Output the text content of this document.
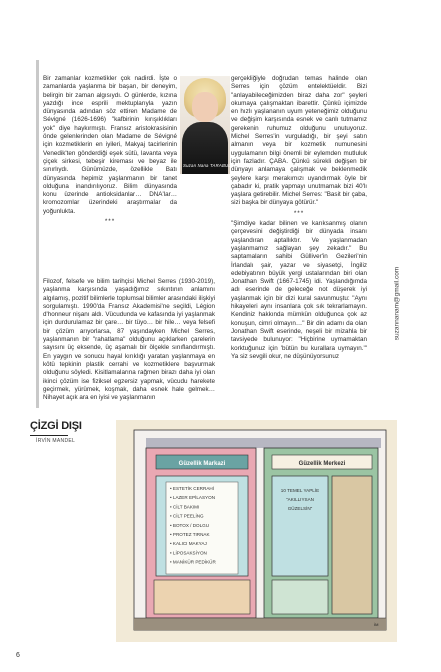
Bir zamanlar kozmetikler çok nadirdi. İşte o zamanlarda yaşlanma bir başarı, bir deneyim, belirgin bir zaman algısıydı. O günlerde, kızına yazdığı ince esprili mektuplarıyla yazın dünyasında adından söz ettiren Madame de Sévigné (1626-1696) "kafbirinin kırışıklıkları yok" diye haykırmıştı. Fransız aristokrasisinin önde gelenlerinden olan Madame de Sévigné için kozmetiklerin en iyileri, Makyaj tacirlerinin Venedik'ten gönderdiği eşek sütü, lavanta veya çiçek sirkesi, tebeşir kireması ve beyaz ile sınırlıydı. Günümüzde, özellikle Batı dünyasında hepimiz yaşlanmanın bir tanet olduğuna inandırılıyoruz. Bilim dünyasında konu üzerinde antioksidanlar… DNA'lar… kromozomlar üzerindeki araştırmalar da yoğunlukta.

***

Filozof, felsefe ve bilim tarihçisi Michel Serres (1930-2019), yaşlanma karşısında yaşadığımız sıkıntının anlamını algılamış, pozitif bilimlerle toplumsal bilimler arasındaki ilişkiyi sorgulamıştı. 1990'da Fransız Akademisi'ne seçildi, Légion d'honneur nişanı aldı. Vücudunda ve kafasında iyi yaşlanmak için durdurulamaz bir çare… bir tüyo… bir hile… veya felsefi bir çözüm arıyorlarsa, 87 yaşındayken Michel Serres, yaşlanmanın bir "rahatlama" olduğunu açıklarken çarelerin sayısını üç eksende, üç aşamalı bir ölçekle sınıflandırmıştı. En yaygın ve sonucu hayal kırıklığı yaratan yaşlanmaya en kötü tepkinin plastik cerrahi ve kozmetiklere başvurmak olduğunu söyledi. Kisitlamalarına rağmen birazı daha iyi olan ikinci çözüm ise fiziksel egzersiz yapmak, vücudu harekete geçirmek, yürümek, koşmak, daha esnek hale gelmek… Nihayet açık ara en iyisi ve yaşlanmanın

Suzan Nana TARABULUS

gerçekliğiyle doğrudan temas halinde olan Serres için çözüm entelektüeldir. Bizi "anlayabileceğimizden biraz daha zor" şeyleri okumaya çalışmaktan ibarettir. Çünkü içimizde en hızlı yaşlananın uyum yeteneğimiz olduğunu ve değişim karşısında esnek ve canlı tutmamız gerekenin ruhumuz olduğunu unutuyoruz. Michel Serres'in vurguladığı, bir şeyi satın almanın veya bir kozmetik numunesini uygulamanın bilgi önemli bir eylemden mutluluk için fazladır. ÇABA. Çünkü sürekli değişen bir dünyayı anlamaya çalışmak ve beklenmedik şeylere karşı merakımızı uyandırmak öyle bir çabadır ki, pratik yapmayı unutmamak bizi 40'lı yaşlara getirebilir. Michel Serres: "Basit bir çaba, sizi başka bir dünyaya götürür."

***

"Şimdiye kadar bilinen ve karıksanmış olanın çerçevesini değiştirdiği bir dünyada insanı yaşlandıran aptallıktır. Ve yaşlanmadan yaşlanmamız sağlayan şey zekadır." Bu saptamaların sahibi Gülliver'in Gezileri'nin İrlandalı şair, yazar ve siyasetçi, İngiliz edebiyatının büyük yergi ustalarından biri olan Jonathan Swift (1667-1745) idi. Yaşlandığımda adı eserinde de geleceğe not düşerek iyi yaşlanmak için bir dizi kural savunmuştu: "Aynı hikayeleri aynı insanlara çok sık tekrarlamayın. Kendiniz hakkında mümkün olduğunca çok az konuşun, cimri olmayın…" Bir din adamı da olan Jonathan Swift eserinde, neşeli bir mizahla bir tavsiyede bulunuyor: "Hiçbirine uymamaktan korktuğunuz için 'bütün bu kurallara uymayın.'" Ya siz sevgili okur, ne düşünüyorsunuz

suzannanam@gmail.com
ÇİZGİ DIŞI
İRVİN MANDEL
Güzellik Markazi
• ESTETİK CERRAHİ
• LAZER EPİLASYON
• CİLT BAKIMI
• CİLT PEELİNG
• BOTOX / DOLGU
• PROTEZ TIRNAK
• KALICI MAKYAJ
• LİPOSAKSİYON
• MANİKÜR PEDİKÜR
Güzellik Merkezi
10 TEMEL YAPLİE
"AKILLIYSAN
GÜZELSİN"
İM
6
